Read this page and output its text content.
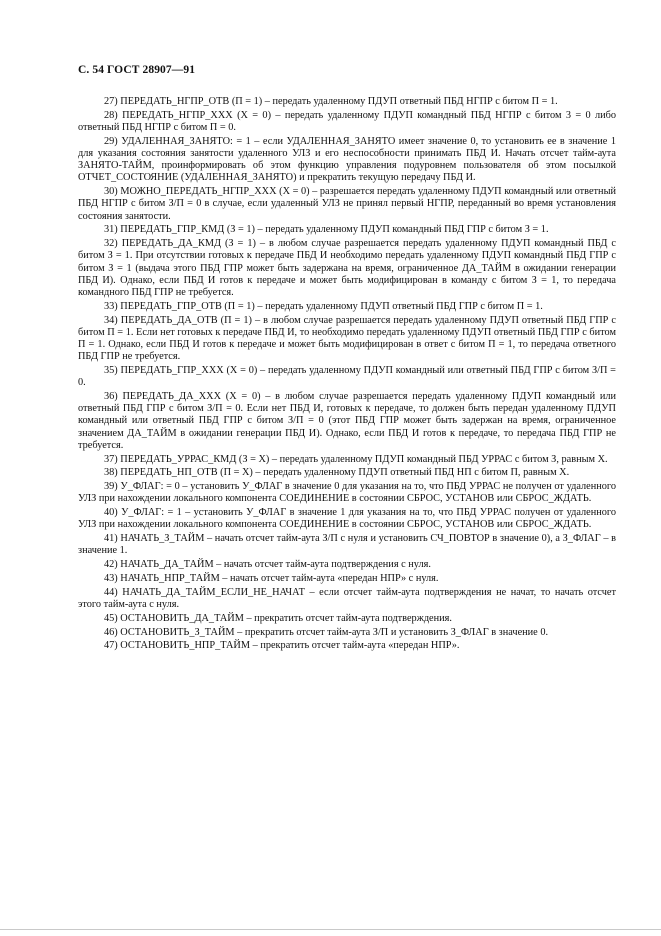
С. 54 ГОСТ 28907—91

27) ПЕРЕДАТЬ_НГПР_ОТВ (П = 1) – передать удаленному ПДУП ответный ПБД НГПР с битом П = 1.

28) ПЕРЕДАТЬ_НГПР_XXX (X = 0) – передать удаленному ПДУП командный ПБД НГПР с битом 3 = 0 либо ответный ПБД НГПР с битом П = 0.

29) УДАЛЕННАЯ_ЗАНЯТО: = 1 – если УДАЛЕННАЯ_ЗАНЯТО имеет значение 0, то установить ее в значение 1 для указания состояния занятости удаленного УЛЗ и его неспособности принимать ПБД И. Начать отсчет тайм-аута ЗАНЯТО-ТАЙМ, проинформировать об этом функцию управления подуровнем пользователя об этом посылкой ОТЧЕТ_СОСТОЯНИЕ (УДАЛЕННАЯ_ЗАНЯТО) и прекратить текущую передачу ПБД И.

30) МОЖНО_ПЕРЕДАТЬ_НГПР_XXX (X = 0) – разрешается передать удаленному ПДУП командный или ответный ПБД НГПР с битом З/П = 0 в случае, если удаленный УЛЗ не принял первый НГПР, переданный во время установления состояния занятости.

31) ПЕРЕДАТЬ_ГПР_КМД (З = 1) – передать удаленному ПДУП командный ПБД ГПР с битом З = 1.

32) ПЕРЕДАТЬ_ДА_КМД (З = 1) – в любом случае разрешается передать удаленному ПДУП командный ПБД с битом З = 1. При отсутствии готовых к передаче ПБД И необходимо передать удаленному ПДУП командный ПБД ГПР с битом З = 1 (выдача этого ПБД ГПР может быть задержана на время, ограниченное ДА_ТАЙМ в ожидании генерации ПБД И). Однако, если ПБД И готов к передаче и может быть модифицирован в команду с битом З = 1, то передача командного ПБД ГПР не требуется.

33) ПЕРЕДАТЬ_ГПР_ОТВ (П = 1) – передать удаленному ПДУП ответный ПБД ГПР с битом П = 1.

34) ПЕРЕДАТЬ_ДА_ОТВ (П = 1) – в любом случае разрешается передать удаленному ПДУП ответный ПБД ГПР с битом П = 1. Если нет готовых к передаче ПБД И, то необходимо передать удаленному ПДУП ответный ПБД ГПР с битом П = 1. Однако, если ПБД И готов к передаче и может быть модифицирован в ответ с битом П = 1, то передача ответного ПБД ГПР не требуется.

35) ПЕРЕДАТЬ_ГПР_XXX (X = 0) – передать удаленному ПДУП командный или ответный ПБД ГПР с битом З/П = 0.

36) ПЕРЕДАТЬ_ДА_XXX (X = 0) – в любом случае разрешается передать удаленному ПДУП командный или ответный ПБД ГПР с битом З/П = 0. Если нет ПБД И, готовых к передаче, то должен быть передан удаленному ПДУП командный или ответный ПБД ГПР с битом З/П = 0 (этот ПБД ГПР может быть задержан на время, ограниченное значением ДА_ТАЙМ в ожидании генерации ПБД И). Однако, если ПБД И готов к передаче, то передача ПБД ГПР не требуется.

37) ПЕРЕДАТЬ_УРРАС_КМД (З = X) – передать удаленному ПДУП командный ПБД УРРАС с битом З, равным X.

38) ПЕРЕДАТЬ_НП_ОТВ (П = X) – передать удаленному ПДУП ответный ПБД НП с битом П, равным X.

39) У_ФЛАГ: = 0 – установить У_ФЛАГ в значение 0 для указания на то, что ПБД УРРАС не получен от удаленного УЛЗ при нахождении локального компонента СОЕДИНЕНИЕ в состоянии СБРОС, УСТАНОВ или СБРОС_ЖДАТЬ.

40) У_ФЛАГ: = 1 – установить У_ФЛАГ в значение 1 для указания на то, что ПБД УРРАС получен от удаленного УЛЗ при нахождении локального компонента СОЕДИНЕНИЕ в состоянии СБРОС, УСТАНОВ или СБРОС_ЖДАТЬ.

41) НАЧАТЬ_З_ТАЙМ – начать отсчет тайм-аута З/П с нуля и установить СЧ_ПОВТОР в значение 0), а З_ФЛАГ – в значение 1.

42) НАЧАТЬ_ДА_ТАЙМ – начать отсчет тайм-аута подтверждения с нуля.

43) НАЧАТЬ_НПР_ТАЙМ – начать отсчет тайм-аута «передан НПР» с нуля.

44) НАЧАТЬ_ДА_ТАЙМ_ЕСЛИ_НЕ_НАЧАТ – если отсчет тайм-аута подтверждения не начат, то начать отсчет этого тайм-аута с нуля.

45) ОСТАНОВИТЬ_ДА_ТАЙМ – прекратить отсчет тайм-аута подтверждения.

46) ОСТАНОВИТЬ_З_ТАЙМ – прекратить отсчет тайм-аута З/П и установить З_ФЛАГ в значение 0.

47) ОСТАНОВИТЬ_НПР_ТАЙМ – прекратить отсчет тайм-аута «передан НПР».
